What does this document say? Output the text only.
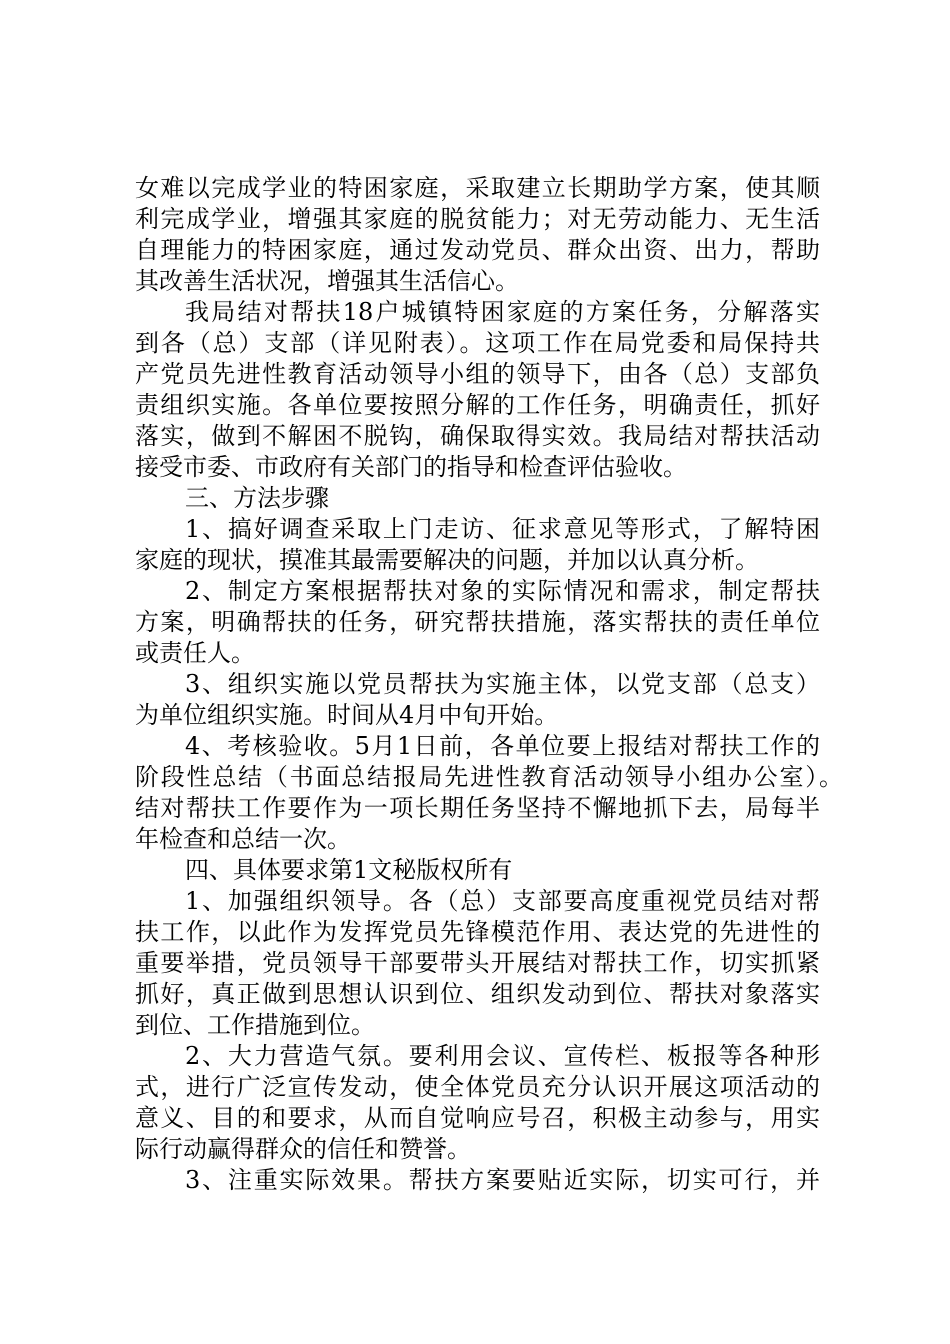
女难以完成学业的特困家庭，采取建立长期助学方案，使其顺
利完成学业，增强其家庭的脱贫能力；对无劳动能力、无生活
自理能力的特困家庭，通过发动党员、群众出资、出力，帮助
其改善生活状况，增强其生活信心。
我局结对帮扶18户城镇特困家庭的方案任务，分解落实
到各（总）支部（详见附表）。这项工作在局党委和局保持共
产党员先进性教育活动领导小组的领导下，由各（总）支部负
责组织实施。各单位要按照分解的工作任务，明确责任，抓好
落实，做到不解困不脱钩，确保取得实效。我局结对帮扶活动
接受市委、市政府有关部门的指导和检查评估验收。
三、方法步骤
1、搞好调查采取上门走访、征求意见等形式，了解特困
家庭的现状，摸准其最需要解决的问题，并加以认真分析。
2、制定方案根据帮扶对象的实际情况和需求，制定帮扶
方案，明确帮扶的任务，研究帮扶措施，落实帮扶的责任单位
或责任人。
3、组织实施以党员帮扶为实施主体，以党支部（总支）
为单位组织实施。时间从4月中旬开始。
4、考核验收。5月1日前，各单位要上报结对帮扶工作的
阶段性总结（书面总结报局先进性教育活动领导小组办公室）。
结对帮扶工作要作为一项长期任务坚持不懈地抓下去，局每半
年检查和总结一次。
四、具体要求第1文秘版权所有
1、加强组织领导。各（总）支部要高度重视党员结对帮
扶工作，以此作为发挥党员先锋模范作用、表达党的先进性的
重要举措，党员领导干部要带头开展结对帮扶工作，切实抓紧
抓好，真正做到思想认识到位、组织发动到位、帮扶对象落实
到位、工作措施到位。
2、大力营造气氛。要利用会议、宣传栏、板报等各种形
式，进行广泛宣传发动，使全体党员充分认识开展这项活动的
意义、目的和要求，从而自觉响应号召，积极主动参与，用实
际行动赢得群众的信任和赞誉。
3、注重实际效果。帮扶方案要贴近实际，切实可行，并
